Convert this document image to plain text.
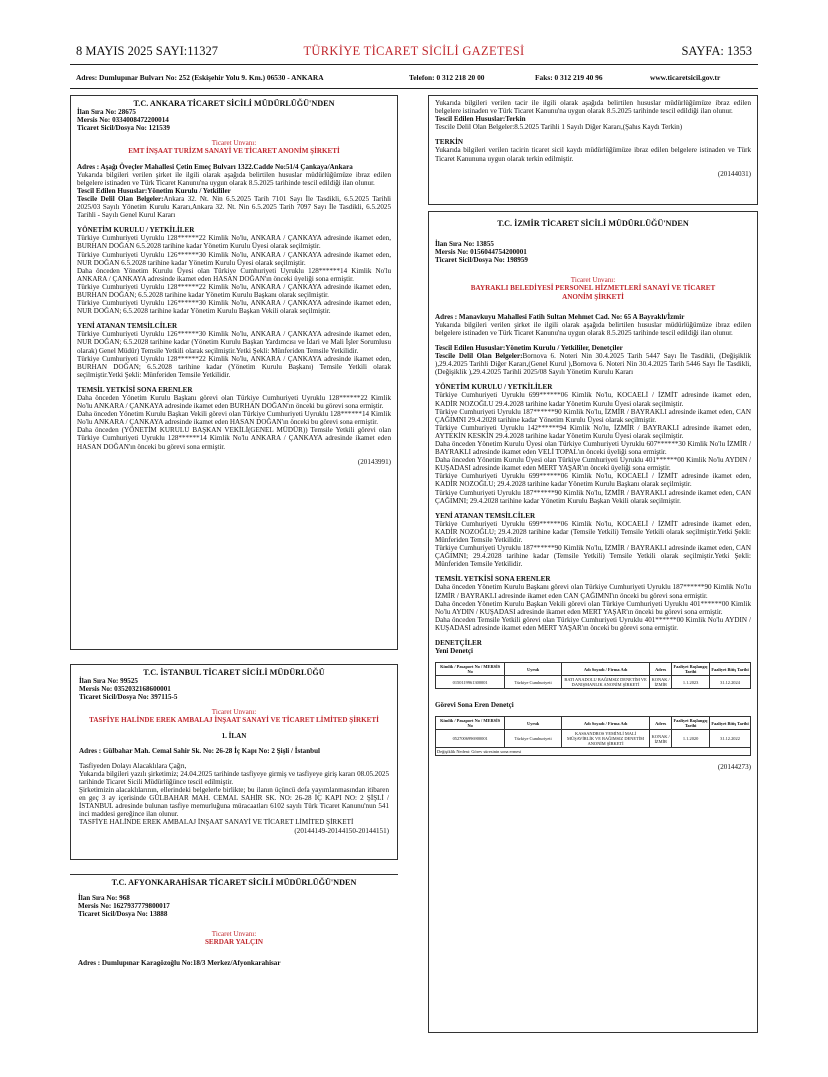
8 MAYIS 2025 SAYI:11327	TÜRKİYE TİCARET SİCİLİ GAZETESİ	SAYFA: 1353
Adres: Dumlupınar Bulvarı No: 252 (Eskişehir Yolu 9. Km.) 06530 - ANKARA	Telefon: 0 312 218 20 00	Faks: 0 312 219 40 96	www.ticaretsicil.gov.tr

T.C. ANKARA TİCARET SİCİLİ MÜDÜRLÜĞÜ'NDEN

İlan Sıra No: 28675

Mersis No: 0334008472200014

Ticaret Sicil/Dosya No: 121539

Ticaret Unvanı:

EMT İNŞAAT TURİZM SANAYİ VE TİCARET ANONİM ŞİRKETİ

Adres : Aşağı Öveçler Mahallesi Çetin Emeç Bulvarı 1322.Cadde No:51/4 Çankaya/Ankara

Yukarıda bilgileri verilen şirket ile ilgili olarak aşağıda belirtilen hususlar müdürlüğümüze ibraz edilen belgelere istinaden ve Türk Ticaret Kanunu'na uygun olarak 8.5.2025 tarihinde tescil edildiği ilan olunur.

Tescil Edilen Hususlar:Yönetim Kurulu / Yetkililer

Tescile Delil Olan Belgeler:Ankara 32. Nt. Nin 6.5.2025 Tarih 7101 Sayı İle Tasdikli, 6.5.2025 Tarihli 2025/03 Sayılı Yönetim Kurulu Kararı,Ankara 32. Nt. Nin 6.5.2025 Tarih 7097 Sayı İle Tasdikli, 6.5.2025 Tarihli - Sayılı Genel Kurul Kararı

YÖNETİM KURULU / YETKİLİLER

Türkiye Cumhuriyeti Uyruklu 128******22 Kimlik No'lu, ANKARA / ÇANKAYA adresinde ikamet eden, BURHAN DOĞAN 6.5.2028 tarihine kadar Yönetim Kurulu Üyesi olarak seçilmiştir.

Türkiye Cumhuriyeti Uyruklu 126******30 Kimlik No'lu, ANKARA / ÇANKAYA adresinde ikamet eden, NUR DOĞAN 6.5.2028 tarihine kadar Yönetim Kurulu Üyesi olarak seçilmiştir.

Daha önceden Yönetim Kurulu Üyesi olan Türkiye Cumhuriyeti Uyruklu 128******14 Kimlik No'lu ANKARA / ÇANKAYA adresinde ikamet eden HASAN DOĞAN'ın önceki üyeliği sona ermiştir.

Türkiye Cumhuriyeti Uyruklu 128******22 Kimlik No'lu, ANKARA / ÇANKAYA adresinde ikamet eden, BURHAN DOĞAN; 6.5.2028 tarihine kadar Yönetim Kurulu Başkanı olarak seçilmiştir.

Türkiye Cumhuriyeti Uyruklu 126******30 Kimlik No'lu, ANKARA / ÇANKAYA adresinde ikamet eden, NUR DOĞAN; 6.5.2028 tarihine kadar Yönetim Kurulu Başkan Vekili olarak seçilmiştir.

YENİ ATANAN TEMSİLCİLER

Türkiye Cumhuriyeti Uyruklu 126******30 Kimlik No'lu, ANKARA / ÇANKAYA adresinde ikamet eden, NUR DOĞAN; 6.5.2028 tarihine kadar (Yönetim Kurulu Başkan Yardımcısı ve İdari ve Mali İşler Sorumlusu olarak) Genel Müdür) Temsile Yetkili olarak seçilmiştir.Yetki Şekli: Münferiden Temsile Yetkilidir.

Türkiye Cumhuriyeti Uyruklu 128******22 Kimlik No'lu, ANKARA / ÇANKAYA adresinde ikamet eden, BURHAN DOĞAN; 6.5.2028 tarihine kadar (Yönetim Kurulu Başkanı) Temsile Yetkili olarak seçilmiştir.Yetki Şekli: Münferiden Temsile Yetkilidir.

TEMSİL YETKİSİ SONA ERENLER

Daha önceden Yönetim Kurulu Başkanı görevi olan Türkiye Cumhuriyeti Uyruklu 128******22 Kimlik No'lu ANKARA / ÇANKAYA adresinde ikamet eden BURHAN DOĞAN'ın önceki bu görevi sona ermiştir.

Daha önceden Yönetim Kurulu Başkan Vekili görevi olan Türkiye Cumhuriyeti Uyruklu 128******14 Kimlik No'lu ANKARA / ÇANKAYA adresinde ikamet eden HASAN DOĞAN'ın önceki bu görevi sona ermiştir.

Daha önceden (YÖNETİM KURULU BAŞKAN VEKİLİ(GENEL MÜDÜR)) Temsile Yetkili görevi olan Türkiye Cumhuriyeti Uyruklu 128******14 Kimlik No'lu ANKARA / ÇANKAYA adresinde ikamet eden HASAN DOĞAN'ın önceki bu görevi sona ermiştir.

(20143991)

T.C. İSTANBUL TİCARET SİCİLİ MÜDÜRLÜĞÜ

İlan Sıra No: 99525

Mersis No: 0352032168600001

Ticaret Sicil/Dosya No: 397115-5

Ticaret Unvanı:

TASFİYE HALİNDE EREK AMBALAJ İNŞAAT SANAYİ VE TİCARET LİMİTED ŞİRKETİ

1. İLAN

Adres : Gülbahar Mah. Cemal Sahir Sk. No: 26-28 İç Kapı No: 2 Şişli / İstanbul

Tasfiyeden Dolayı Alacaklılara Çağrı,

Yukarıda bilgileri yazılı şirketimiz; 24.04.2025 tarihinde tasfiyeye girmiş ve tasfiyeye giriş kararı 08.05.2025 tarihinde Ticaret Sicili Müdürlüğünce tescil edilmiştir.

Şirketimizin alacaklılarının, ellerindeki belgelerle birlikte; bu ilanın üçüncü defa yayımlanmasından itibaren en geç 3 ay içerisinde GÜLBAHAR MAH. CEMAL SAHİR SK. NO: 26-28 İÇ KAPI NO: 2 ŞİŞLİ / İSTANBUL adresinde bulunan tasfiye memurluğuna müracaatları 6102 sayılı Türk Ticaret Kanunu'nun 541 inci maddesi gereğince ilan olunur.

TASFİYE HALİNDE EREK AMBALAJ İNŞAAT SANAYİ VE TİCARET LİMİTED ŞİRKETİ

(20144149-20144150-20144151)

T.C. AFYONKARAHİSAR TİCARET SİCİLİ MÜDÜRLÜĞÜ'NDEN

İlan Sıra No: 968

Mersis No: 1627937779800017

Ticaret Sicil/Dosya No: 13888

Ticaret Unvanı:

SERDAR YALÇIN

Adres : Dumlupınar Karagözoğlu No:18/3 Merkez/Afyonkarahisar

Yukarıda bilgileri verilen tacir ile ilgili olarak aşağıda belirtilen hususlar müdürlüğümüze ibraz edilen belgelere istinaden ve Türk Ticaret Kanunu'na uygun olarak 8.5.2025 tarihinde tescil edildiği ilan olunur.

Tescil Edilen Hususlar:Terkin

Tescile Delil Olan Belgeler:8.5.2025 Tarihli 1 Sayılı Diğer Kararı,(Şahıs Kaydı Terkin)

TERKİN

Yukarıda bilgileri verilen tacirin ticaret sicil kaydı müdürlüğümüze ibraz edilen belgelere istinaden ve Türk Ticaret Kanununa uygun olarak terkin edilmiştir.

(20144031)

T.C. İZMİR TİCARET SİCİLİ MÜDÜRLÜĞÜ'NDEN

İlan Sıra No: 13855

Mersis No: 0156044754200001

Ticaret Sicil/Dosya No: 198959

Ticaret Unvanı:

BAYRAKLI BELEDİYESİ PERSONEL HİZMETLERİ SANAYİ VE TİCARET ANONİM ŞİRKETİ

Adres : Manavkuyu Mahallesi Fatih Sultan Mehmet Cad. No: 65 A Bayraklı/İzmir

Yukarıda bilgileri verilen şirket ile ilgili olarak aşağıda belirtilen hususlar müdürlüğümüze ibraz edilen belgelere istinaden ve Türk Ticaret Kanunu'na uygun olarak 8.5.2025 tarihinde tescil edildiği ilan olunur.

Tescil Edilen Hususlar:Yönetim Kurulu / Yetkililer, Denetçiler

Tescile Delil Olan Belgeler:Bornova 6. Noteri Nin 30.4.2025 Tarih 5447 Sayı İle Tasdikli, (Değişiklik ),29.4.2025 Tarihli Diğer Kararı,(Genel Kurul ),Bornova 6. Noteri Nin 30.4.2025 Tarih 5446 Sayı İle Tasdikli, (Değişiklik ),29.4.2025 Tarihli 2025/08 Sayılı Yönetim Kurulu Kararı

YÖNETİM KURULU / YETKİLİLER

Türkiye Cumhuriyeti Uyruklu 699******06 Kimlik No'lu, KOCAELİ / İZMİT adresinde ikamet eden, KADİR NOZOĞLU 29.4.2028 tarihine kadar Yönetim Kurulu Üyesi olarak seçilmiştir.

Türkiye Cumhuriyeti Uyruklu 187******90 Kimlik No'lu, İZMİR / BAYRAKLI adresinde ikamet eden, CAN ÇAĞIMNI 29.4.2028 tarihine kadar Yönetim Kurulu Üyesi olarak seçilmiştir.

Türkiye Cumhuriyeti Uyruklu 142******94 Kimlik No'lu, İZMİR / BAYRAKLI adresinde ikamet eden, AYTEKİN KESKİN 29.4.2028 tarihine kadar Yönetim Kurulu Üyesi olarak seçilmiştir.

Daha önceden Yönetim Kurulu Üyesi olan Türkiye Cumhuriyeti Uyruklu 607******30 Kimlik No'lu İZMİR / BAYRAKLI adresinde ikamet eden VELİ TOPAL'ın önceki üyeliği sona ermiştir.

Daha önceden Yönetim Kurulu Üyesi olan Türkiye Cumhuriyeti Uyruklu 401******00 Kimlik No'lu AYDIN / KUŞADASI adresinde ikamet eden MERT YAŞAR'ın önceki üyeliği sona ermiştir.

Türkiye Cumhuriyeti Uyruklu 699******06 Kimlik No'lu, KOCAELİ / İZMİT adresinde ikamet eden, KADİR NOZOĞLU; 29.4.2028 tarihine kadar Yönetim Kurulu Başkanı olarak seçilmiştir.

Türkiye Cumhuriyeti Uyruklu 187******90 Kimlik No'lu, İZMİR / BAYRAKLI adresinde ikamet eden, CAN ÇAĞIMNI; 29.4.2028 tarihine kadar Yönetim Kurulu Başkan Vekili olarak seçilmiştir.

YENİ ATANAN TEMSİLCİLER

Türkiye Cumhuriyeti Uyruklu 699******06 Kimlik No'lu, KOCAELİ / İZMİT adresinde ikamet eden, KADİR NOZOĞLU; 29.4.2028 tarihine kadar (Temsile Yetkili) Temsile Yetkili olarak seçilmiştir.Yetki Şekli: Münferiden Temsile Yetkilidir.

Türkiye Cumhuriyeti Uyruklu 187******90 Kimlik No'lu, İZMİR / BAYRAKLI adresinde ikamet eden, CAN ÇAĞIMNI; 29.4.2028 tarihine kadar (Temsile Yetkili) Temsile Yetkili olarak seçilmiştir.Yetki Şekli: Münferiden Temsile Yetkilidir.

TEMSİL YETKİSİ SONA ERENLER

Daha önceden Yönetim Kurulu Başkanı görevi olan Türkiye Cumhuriyeti Uyruklu 187******90 Kimlik No'lu İZMİR / BAYRAKLI adresinde ikamet eden CAN ÇAĞIMNI'ın önceki bu görevi sona ermiştir.

Daha önceden Yönetim Kurulu Başkan Vekili görevi olan Türkiye Cumhuriyeti Uyruklu 401******00 Kimlik No'lu AYDIN / KUŞADASI adresinde ikamet eden MERT YAŞAR'ın önceki bu görevi sona ermiştir.

Daha önceden Temsile Yetkili görevi olan Türkiye Cumhuriyeti Uyruklu 401******00 Kimlik No'lu AYDIN / KUŞADASI adresinde ikamet eden MERT YAŞAR'ın önceki bu görevi sona ermiştir.

DENETÇİLER

Yeni Denetçi

Kimlik / Pasaport No / MERSİS No	Uyruk	Adı Soyadı / Firma Adı	Adres	Faaliyet Başlangıç Tarihi	Faaliyet Bitiş Tarihi
0150119961300001	Türkiye Cumhuriyeti	BATI ANADOLU BAĞIMSIZ DENETİM VE DANIŞMANLIK ANONİM ŞİRKETİ	KONAK / İZMİR	1.1.2023	31.12.2024

Görevi Sona Eren Denetçi

Kimlik / Pasaport No / MERSİS No	Uyruk	Adı Soyadı / Firma Adı	Adres	Faaliyet Başlangıç Tarihi	Faaliyet Bitiş Tarihi
0527006996900001	Türkiye Cumhuriyeti	KASSANDROS YEMİNLİ MALİ MÜŞAVİRLİK VE BAĞIMSIZ DENETİM ANONİM ŞİRKETİ	KONAK / İZMİR	1.1.2020	31.12.2022
Değişiklik Nedeni: Görev süresinin sona ermesi					

(20144273)
